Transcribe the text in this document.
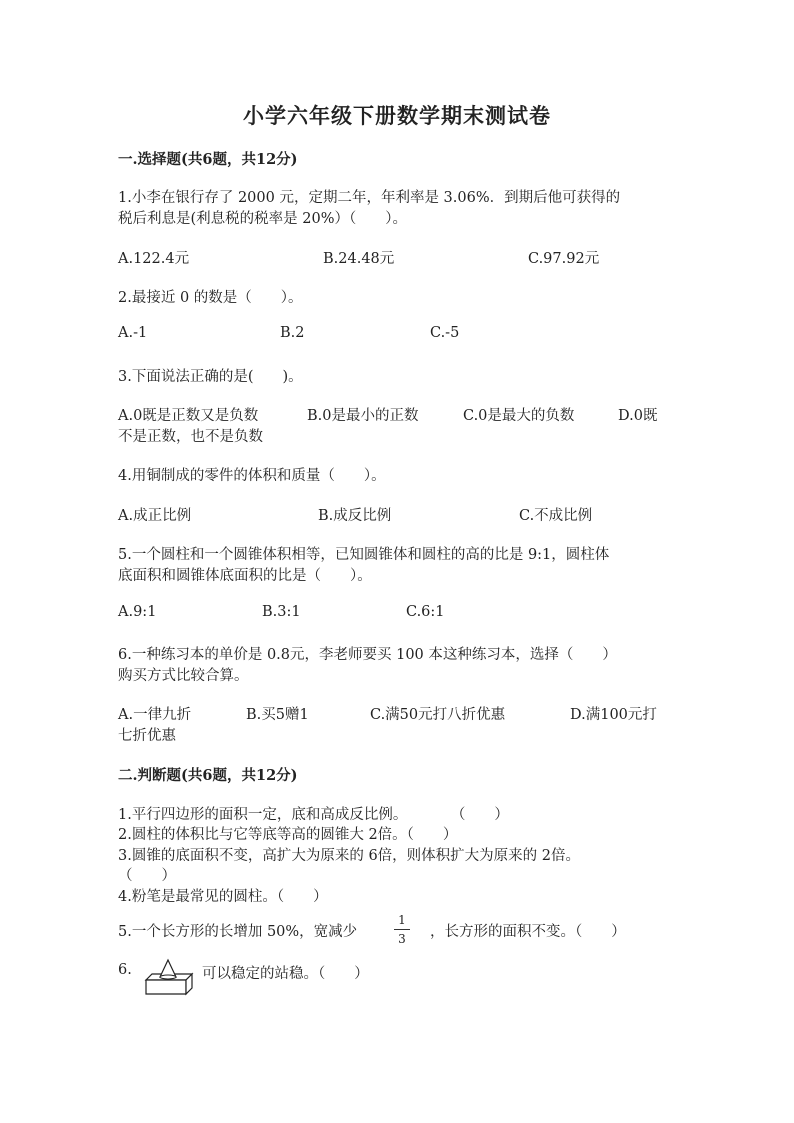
小学六年级下册数学期末测试卷
一.选择题(共6题，共12分)
1.小李在银行存了 2000 元，定期二年，年利率是 3.06%．到期后他可获得的
税后利息是(利息税的税率是 20%）（　　）。
A.122.4元	B.24.48元	C.97.92元
2.最接近 0 的数是（　　）。
A.-1	B.2	C.-5
3.下面说法正确的是(　　)。
A.0既是正数又是负数	B.0是最小的正数	C.0是最大的负数	D.0既
不是正数，也不是负数
4.用铜制成的零件的体积和质量（　　）。
A.成正比例	B.成反比例	C.不成比例
5.一个圆柱和一个圆锥体积相等，已知圆锥体和圆柱的高的比是 9:1，圆柱体
底面积和圆锥体底面积的比是（　　）。
A.9:1	B.3:1	C.6:1
6.一种练习本的单价是 0.8元，李老师要买 100 本这种练习本，选择（　　）
购买方式比较合算。
A.一律九折	B.买5赠1	C.满50元打八折优惠	D.满100元打
七折优惠
二.判断题(共6题，共12分)
1.平行四边形的面积一定，底和高成反比例。　　　　（　　）
2.圆柱的体积比与它等底等高的圆锥大 2倍。（　　）
3.圆锥的底面积不变，高扩大为原来的 6倍，则体积扩大为原来的 2倍。
（　　）
4.粉笔是最常见的圆柱。（　　）
5.一个长方形的长增加 50%，宽减少
1
3 ，长方形的面积不变。（　　）
6.	可以稳定的站稳。（　　）
